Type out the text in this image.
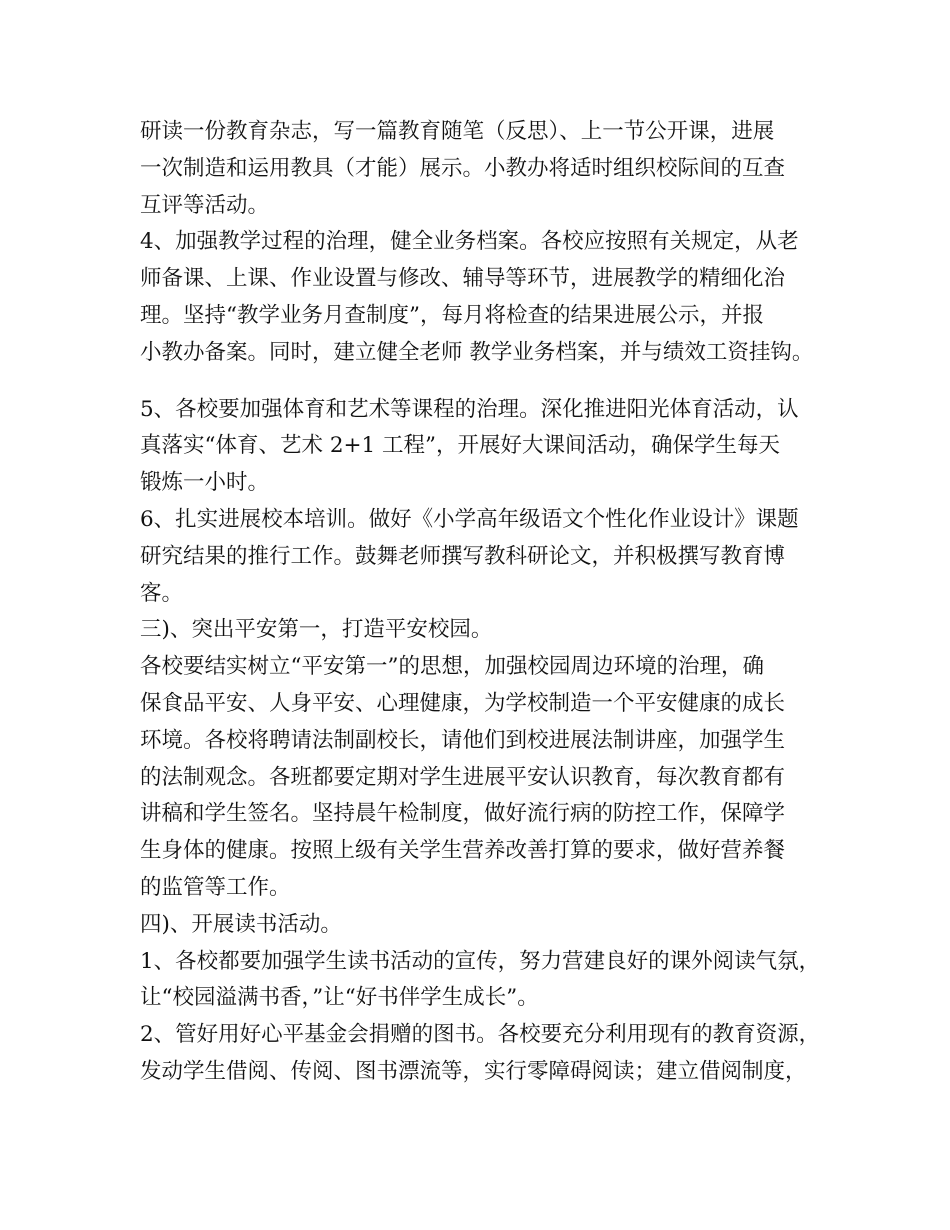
研读一份教育杂志，写一篇教育随笔（反思）、上一节公开课，进展
一次制造和运用教具（才能）展示。小教办将适时组织校际间的互查
互评等活动。
4、加强教学过程的治理，健全业务档案。各校应按照有关规定，从老
师备课、上课、作业设置与修改、辅导等环节，进展教学的精细化治
理。坚持“教学业务月查制度”，每月将检查的结果进展公示，并报
小教办备案。同时，建立健全老师 教学业务档案，并与绩效工资挂钩。
5、各校要加强体育和艺术等课程的治理。深化推进阳光体育活动，认
真落实“体育、艺术 2+1 工程”，开展好大课间活动，确保学生每天
锻炼一小时。
6、扎实进展校本培训。做好《小学高年级语文个性化作业设计》课题
研究结果的推行工作。鼓舞老师撰写教科研论文，并积极撰写教育博
客。
三)、突出平安第一，打造平安校园。
各校要结实树立“平安第一”的思想，加强校园周边环境的治理，确
保食品平安、人身平安、心理健康，为学校制造一个平安健康的成长
环境。各校将聘请法制副校长，请他们到校进展法制讲座，加强学生
的法制观念。各班都要定期对学生进展平安认识教育，每次教育都有
讲稿和学生签名。坚持晨午检制度，做好流行病的防控工作，保障学
生身体的健康。按照上级有关学生营养改善打算的要求，做好营养餐
的监管等工作。
四)、开展读书活动。
1、各校都要加强学生读书活动的宣传，努力营建良好的课外阅读气氛，
让“校园溢满书香，”让“好书伴学生成长”。
2、管好用好心平基金会捐赠的图书。各校要充分利用现有的教育资源，
发动学生借阅、传阅、图书漂流等，实行零障碍阅读；建立借阅制度，
